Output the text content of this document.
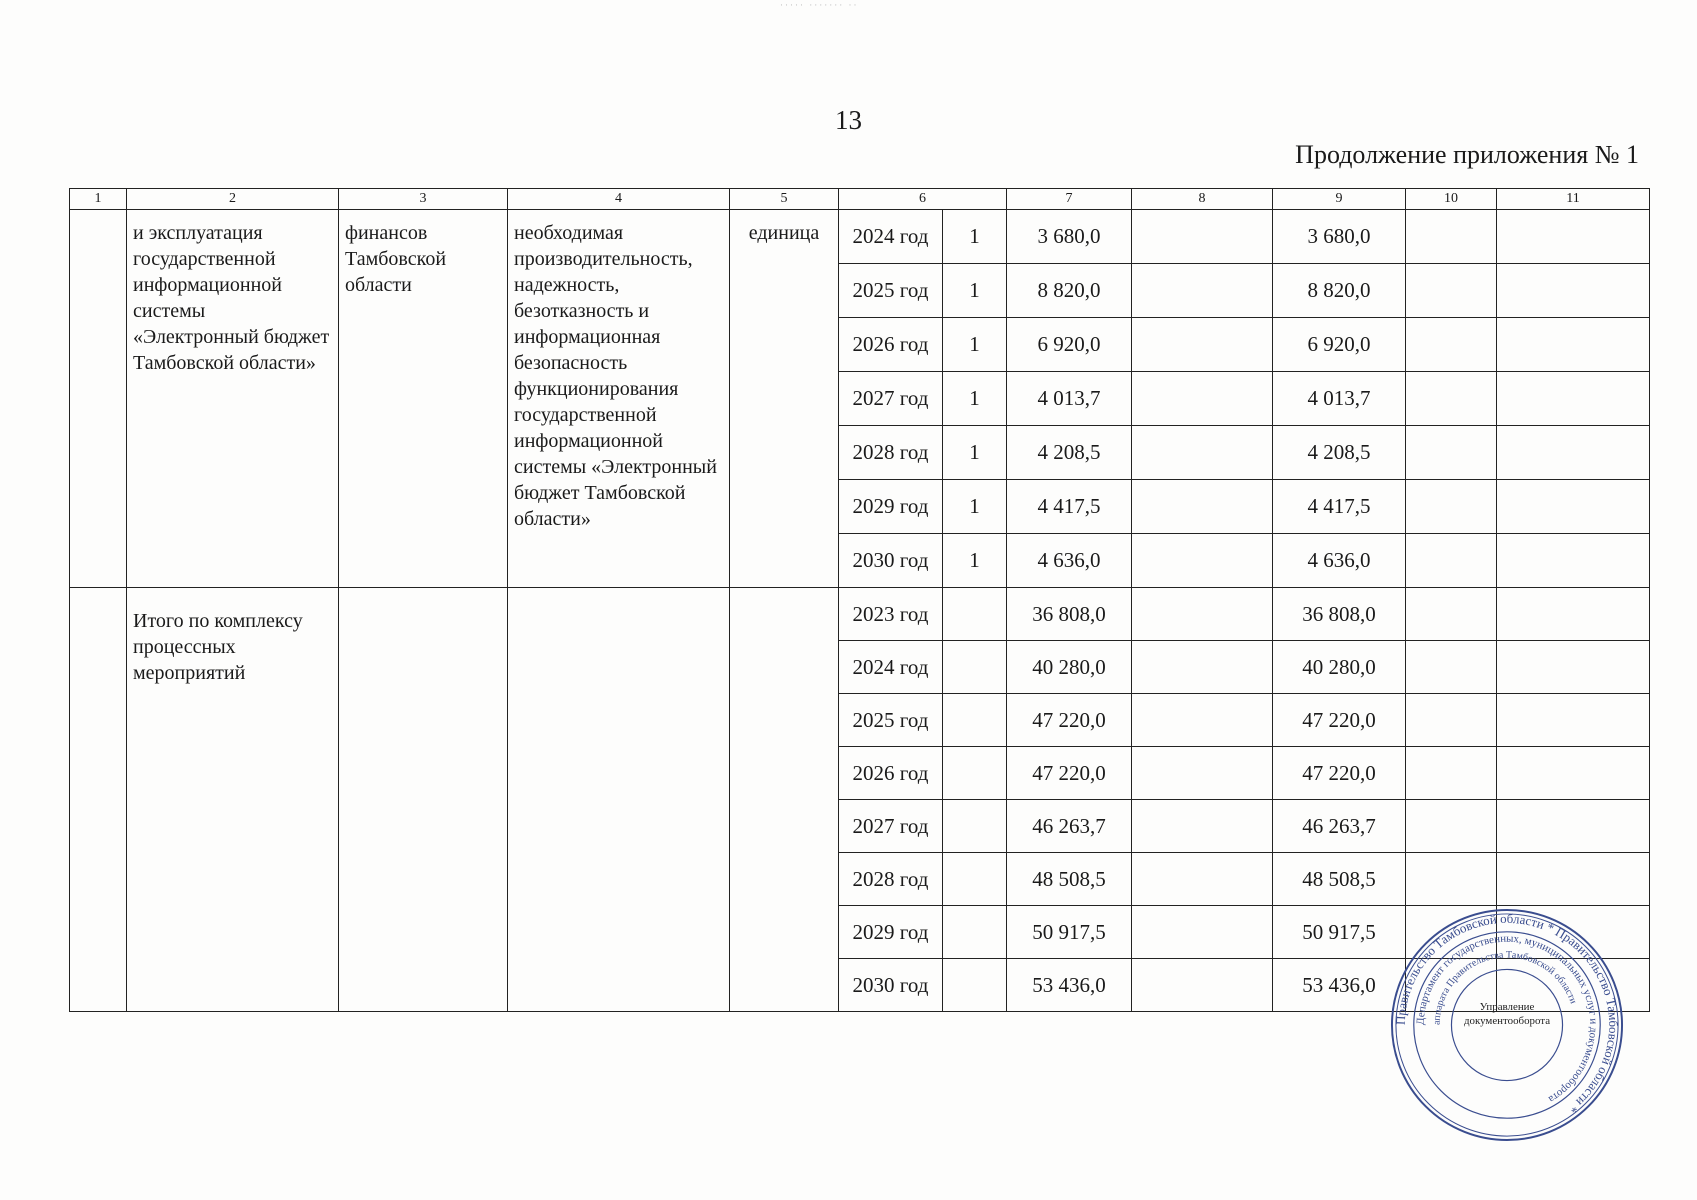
····· ······· ··
13
Продолжение приложения № 1
1	2	3	4	5	6		7	8	9	10	11

	и эксплуатация государственной информационной системы «Электронный бюджет Тамбовской области»	финансов Тамбовской области	необходимая производительность, надежность, безотказность и информационная безопасность функционирования государственной информационной системы «Электронный бюджет Тамбовской области»	единица	2024 год	1	3 680,0		3 680,0		
					2025 год	1	8 820,0		8 820,0		
					2026 год	1	6 920,0		6 920,0		
					2027 год	1	4 013,7		4 013,7		
					2028 год	1	4 208,5		4 208,5		
					2029 год	1	4 417,5		4 417,5		
					2030 год	1	4 636,0		4 636,0		

	Итого по комплексу процессных мероприятий				2023 год		36 808,0		36 808,0		
					2024 год		40 280,0		40 280,0		
					2025 год		47 220,0		47 220,0		
					2026 год		47 220,0		47 220,0		
					2027 год		46 263,7		46 263,7		
					2028 год		48 508,5		48 508,5		
					2029 год		50 917,5		50 917,5		
					2030 год		53 436,0		53 436,0		
Правительство Тамбовской области * Правительство Тамбовской области *
Департамент государственных, муниципальных услуг и документооборота
аппарата Правительства Тамбовской области
Управление документооборота
